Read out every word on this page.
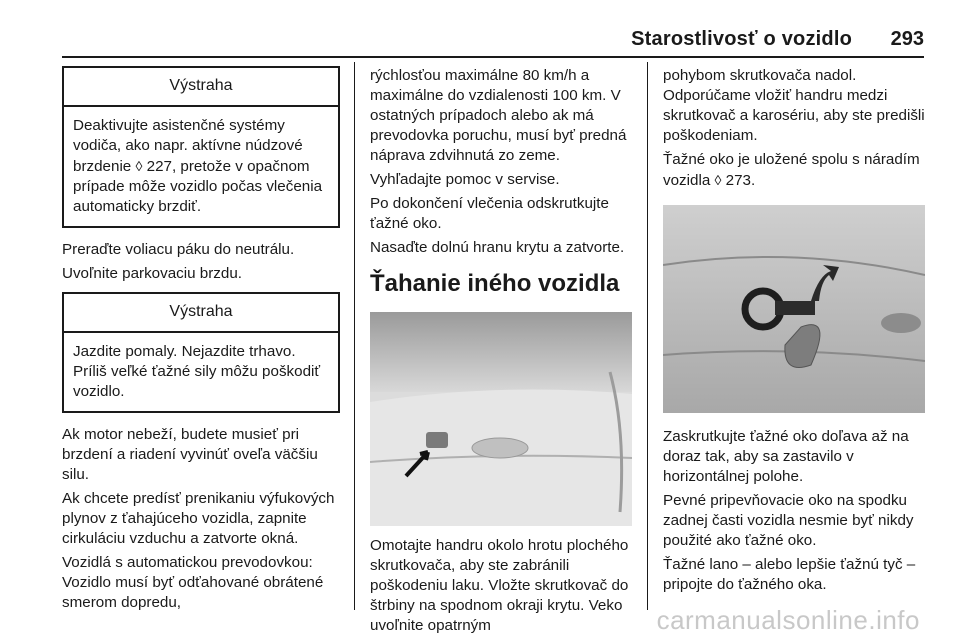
Starostlivosť o vozidlo 293
Výstraha
Deaktivujte asistenčné systémy vodiča, ako napr. aktívne núdzové brzdenie ◊ 227, pretože v opačnom prípade môže vozidlo počas vlečenia automaticky brzdiť.

Preraďte voliacu páku do neutrálu.

Uvoľnite parkovaciu brzdu.

Výstraha
Jazdite pomaly. Nejazdite trhavo. Príliš veľké ťažné sily môžu poškodiť vozidlo.

Ak motor nebeží, budete musieť pri brzdení a riadení vyvinúť oveľa väčšiu silu.

Ak chcete predísť prenikaniu výfukových plynov z ťahajúceho vozidla, zapnite cirkuláciu vzduchu a zatvorte okná.

Vozidlá s automatickou prevodovkou: Vozidlo musí byť odťahované obrátené smerom dopredu,

rýchlosťou maximálne 80 km/h a maximálne do vzdialenosti 100 km. V ostatných prípadoch alebo ak má prevodovka poruchu, musí byť predná náprava zdvihnutá zo zeme.

Vyhľadajte pomoc v servise.

Po dokončení vlečenia odskrutkujte ťažné oko.

Nasaďte dolnú hranu krytu a zatvorte.

Ťahanie iného vozidla

Omotajte handru okolo hrotu plochého skrutkovača, aby ste zabránili poškodeniu laku. Vložte skrutkovač do štrbiny na spodnom okraji krytu. Veko uvoľnite opatrným

pohybom skrutkovača nadol. Odporúčame vložiť handru medzi skrutkovač a karosériu, aby ste predišli poškodeniam.

Ťažné oko je uložené spolu s náradím vozidla ◊ 273.

Zaskrutkujte ťažné oko doľava až na doraz tak, aby sa zastavilo v horizontálnej polohe.

Pevné pripevňovacie oko na spodku zadnej časti vozidla nesmie byť nikdy použité ako ťažné oko.

Ťažné lano – alebo lepšie ťažnú tyč – pripojte do ťažného oka.

carmanualsonline.info
